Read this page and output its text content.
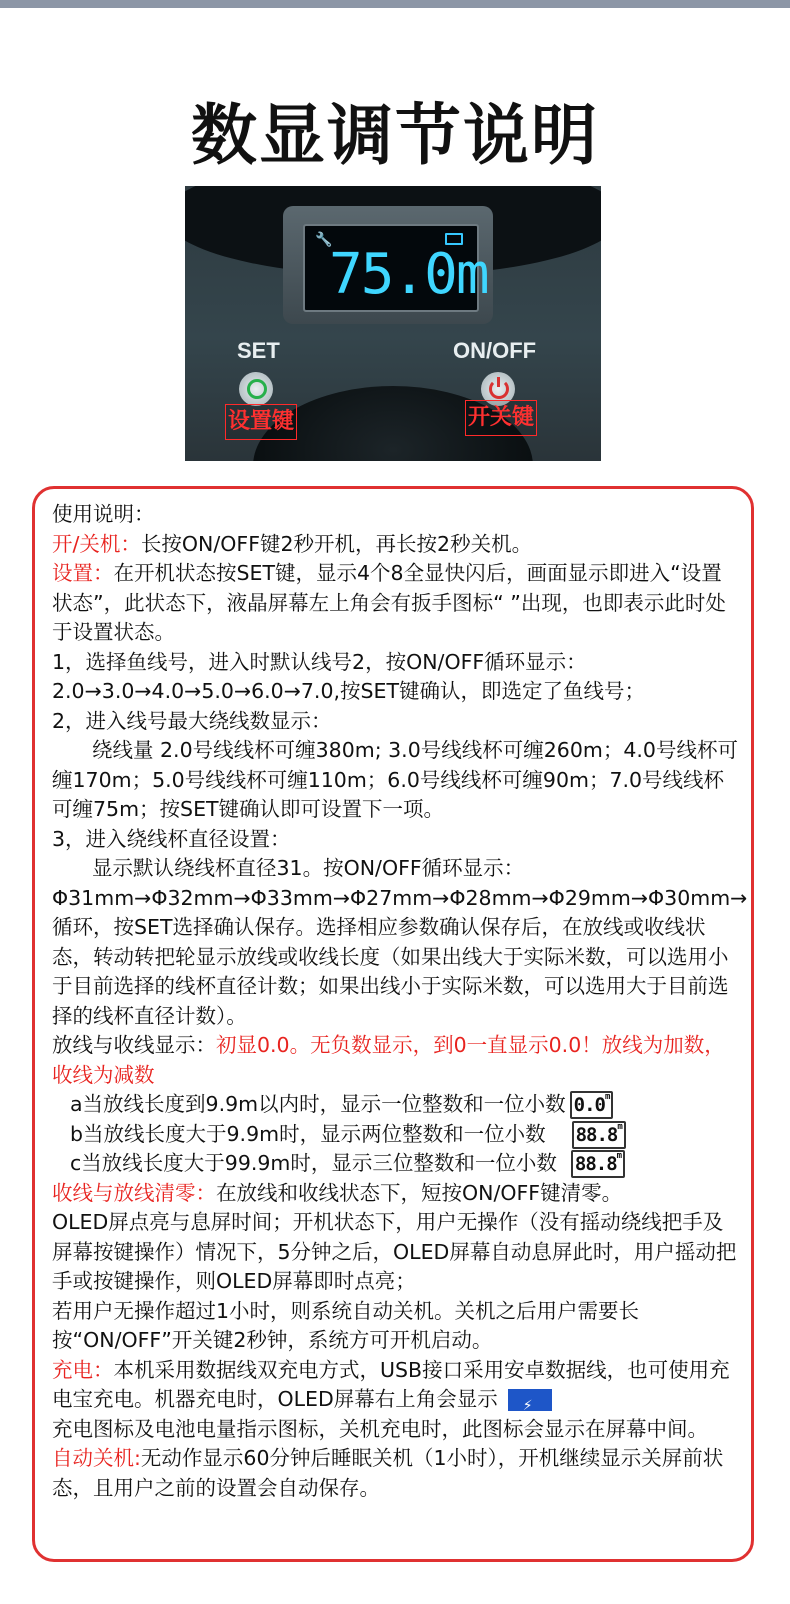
数显调节说明
🔧
75.0m
SET	ON/OFF
设置键	开关键

使用说明：

开/关机：长按ON/OFF键2秒开机，再长按2秒关机。

设置：在开机状态按SET键，显示4个8全显快闪后，画面显示即进入“设置状态”，此状态下，液晶屏幕左上角会有扳手图标“ ”出现，也即表示此时处于设置状态。

1，选择鱼线号，进入时默认线号2，按ON/OFF循环显示：2.0→3.0→4.0→5.0→6.0→7.0,按SET键确认，即选定了鱼线号；

2，进入线号最大绕线数显示：

绕线量 2.0号线线杯可缠380m; 3.0号线线杯可缠260m；4.0号线杯可缠170m；5.0号线线杯可缠110m；6.0号线线杯可缠90m；7.0号线线杯可缠75m；按SET键确认即可设置下一项。

3，进入绕线杯直径设置：

显示默认绕线杯直径31。按ON/OFF循环显示：Φ31mm→Φ32mm→Φ33mm→Φ27mm→Φ28mm→Φ29mm→Φ30mm→循环，按SET选择确认保存。选择相应参数确认保存后，在放线或收线状态，转动转把轮显示放线或收线长度（如果出线大于实际米数，可以选用小于目前选择的线杯直径计数；如果出线小于实际米数，可以选用大于目前选择的线杯直径计数）。

放线与收线显示：初显0.0。无负数显示，到0一直显示0.0！放线为加数，收线为减数

a当放线长度到9.9m以内时，显示一位整数和一位小数 0.0m

b当放线长度大于9.9m时，显示两位整数和一位小数 88.8m

c当放线长度大于99.9m时，显示三位整数和一位小数 88.8m

收线与放线清零：在放线和收线状态下，短按ON/OFF键清零。

OLED屏点亮与息屏时间；开机状态下，用户无操作（没有摇动绕线把手及屏幕按键操作）情况下，5分钟之后，OLED屏幕自动息屏此时，用户摇动把手或按键操作，则OLED屏幕即时点亮；

若用户无操作超过1小时，则系统自动关机。关机之后用户需要长按“ON/OFF”开关键2秒钟，系统方可开机启动。

充电：本机采用数据线双充电方式，USB接口采用安卓数据线，也可使用充电宝充电。机器充电时，OLED屏幕右上角会显示 ⚡

充电图标及电池电量指示图标，关机充电时，此图标会显示在屏幕中间。

自动关机:无动作显示60分钟后睡眠关机（1小时），开机继续显示关屏前状态，且用户之前的设置会自动保存。
